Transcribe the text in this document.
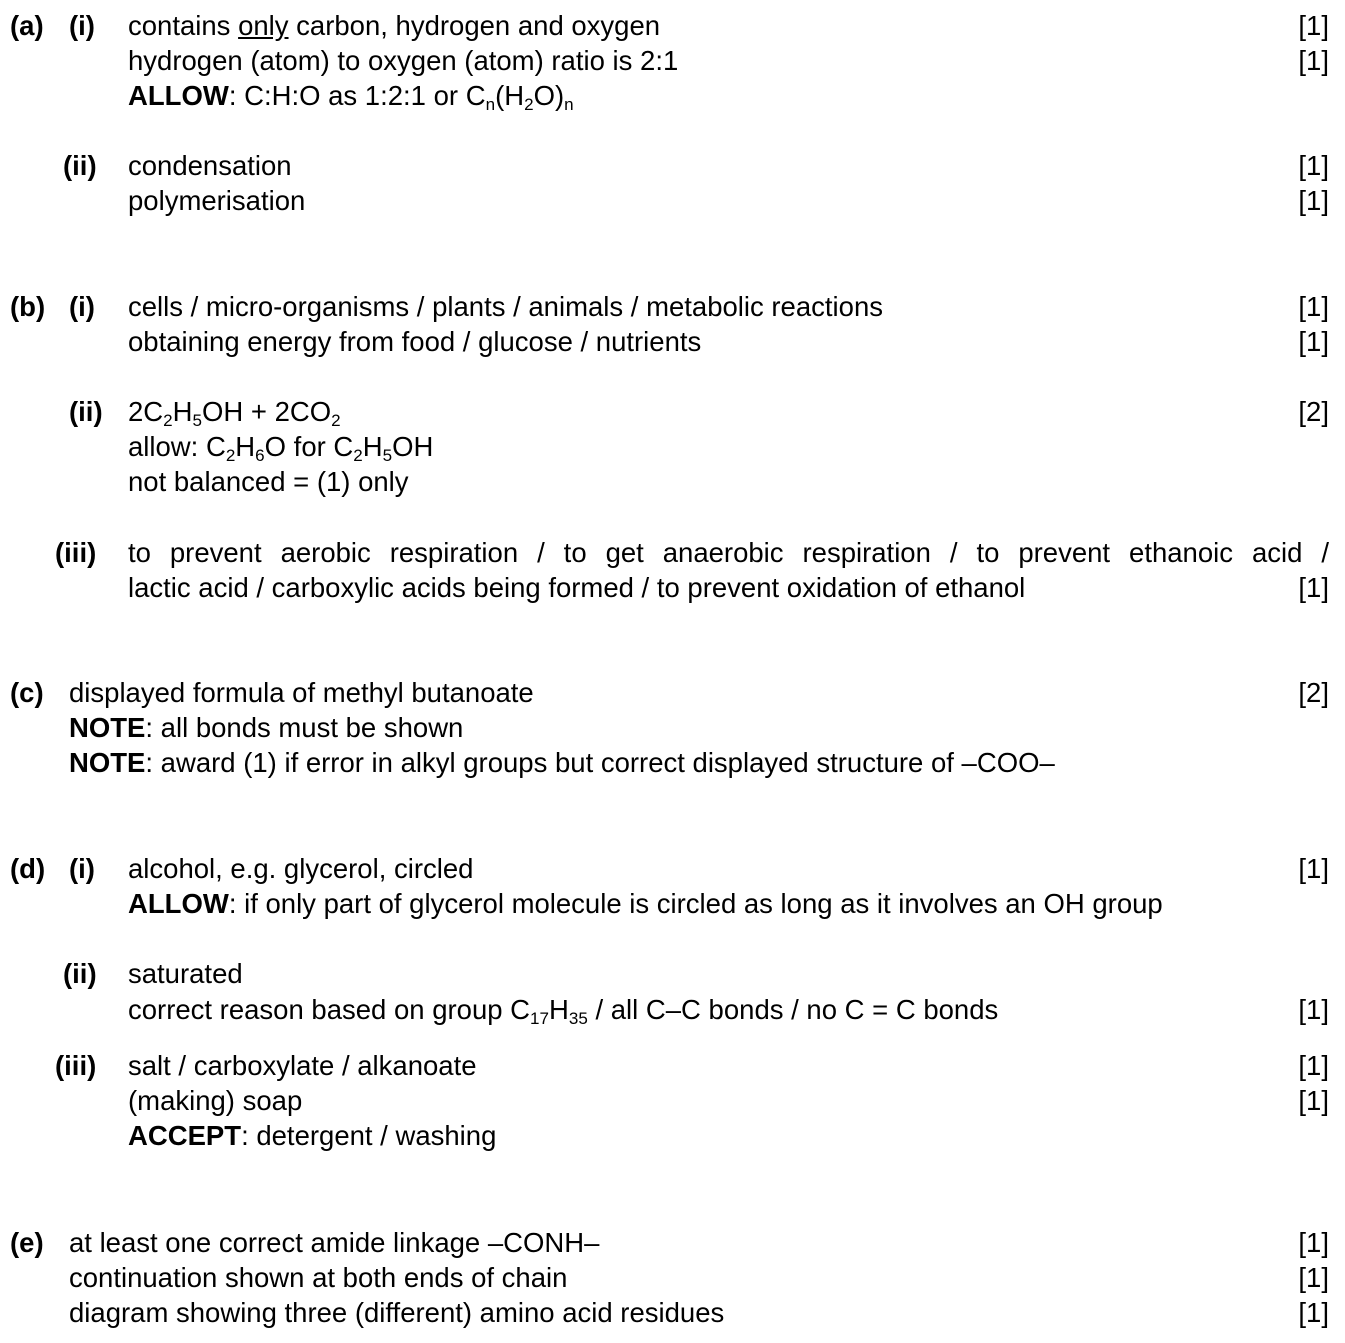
(a) (i) contains only carbon, hydrogen and oxygen	[1]
hydrogen (atom) to oxygen (atom) ratio is 2:1	[1]
ALLOW: C:H:O as 1:2:1 or $C_n(H_2O)_n$
(ii) condensation	[1]
polymerisation	[1]
(b) (i) cells / micro-organisms / plants / animals / metabolic reactions	[1]
obtaining energy from food / glucose / nutrients	[1]
(ii) $2C_2H_5OH + 2CO_2$	[2]
allow: $C_2H_6O$ for $C_2H_5OH$
not balanced = (1) only
(iii) to prevent aerobic respiration / to get anaerobic respiration / to prevent ethanoic acid /
lactic acid / carboxylic acids being formed / to prevent oxidation of ethanol	[1]
(c) displayed formula of methyl butanoate	[2]
NOTE: all bonds must be shown
NOTE: award (1) if error in alkyl groups but correct displayed structure of –COO–
(d) (i) alcohol, e.g. glycerol, circled	[1]
ALLOW: if only part of glycerol molecule is circled as long as it involves an OH group
(ii) saturated
correct reason based on group $C_{17}H_{35}$ / all C–C bonds / no C = C bonds	[1]
(iii) salt / carboxylate / alkanoate	[1]
(making) soap	[1]
ACCEPT: detergent / washing
(e) at least one correct amide linkage –CONH–	[1]
continuation shown at both ends of chain	[1]
diagram showing three (different) amino acid residues	[1]
